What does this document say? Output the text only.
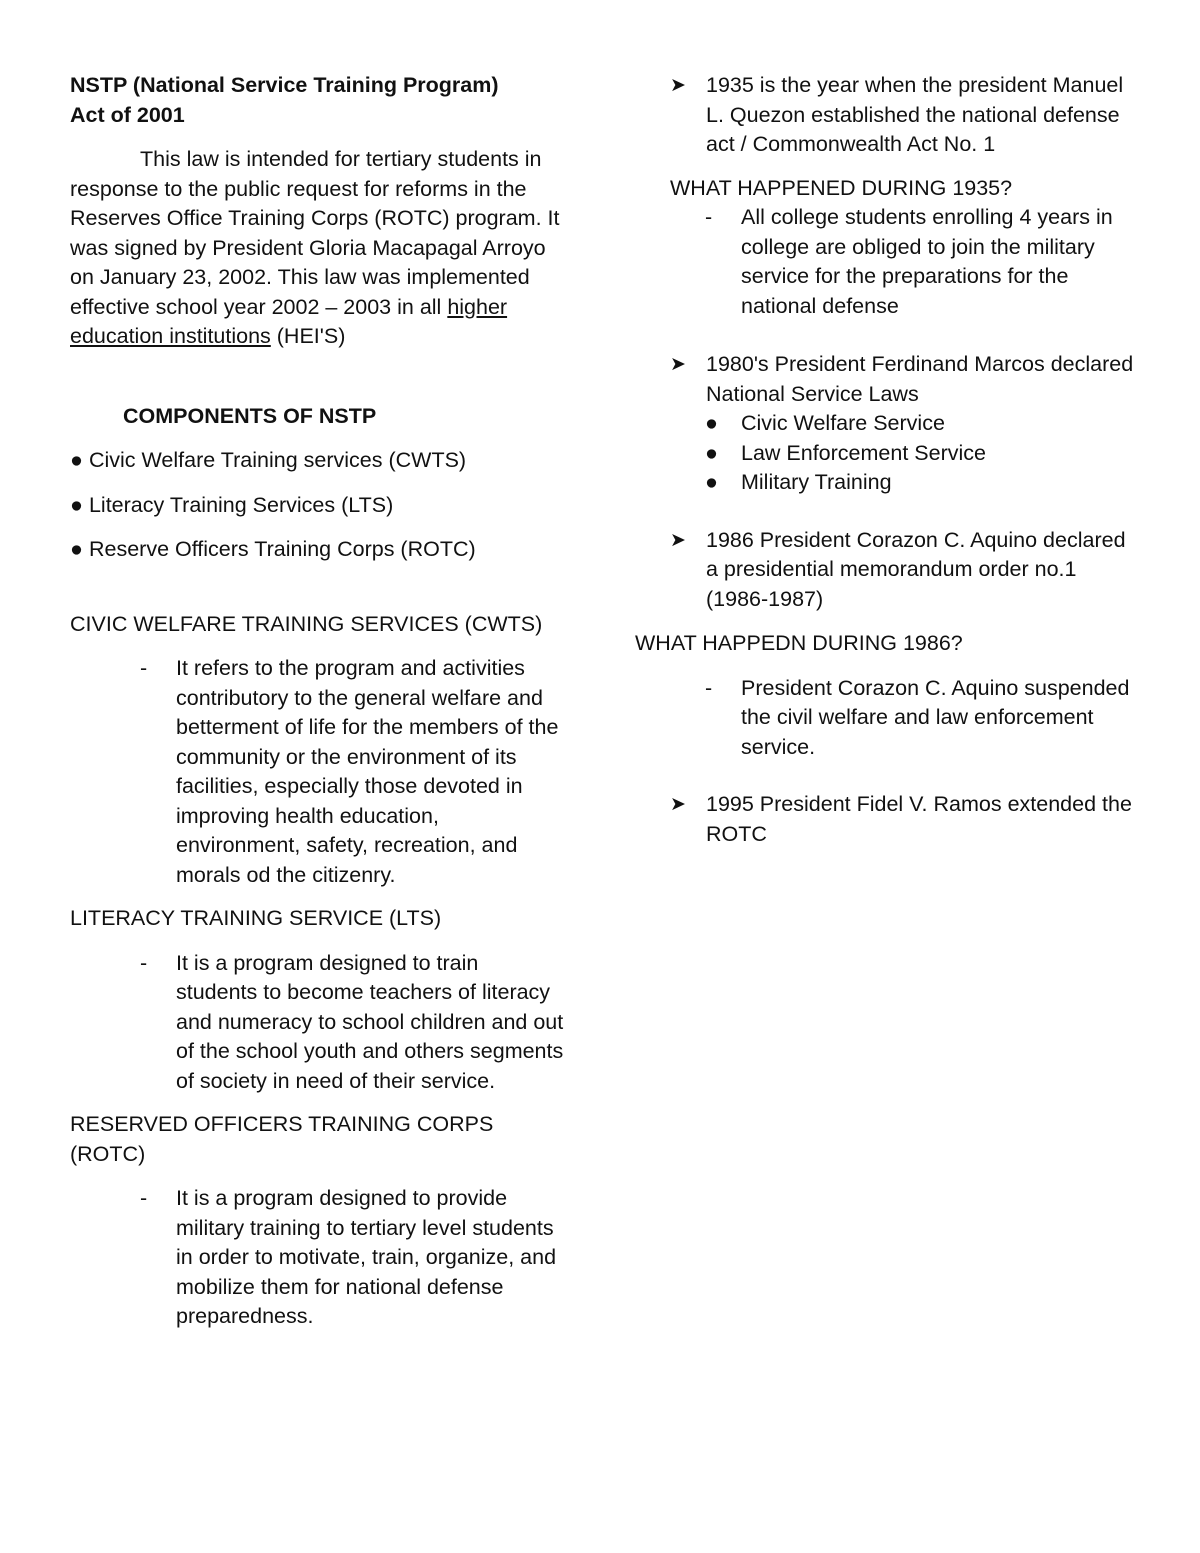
NSTP (National Service Training Program)
Act of 2001

This law is intended for tertiary students in response to the public request for reforms in the Reserves Office Training Corps (ROTC) program. It was signed by President Gloria Macapagal Arroyo on January 23, 2002. This law was implemented effective school year 2002 – 2003 in all higher education institutions (HEI'S)

COMPONENTS OF NSTP

● Civic Welfare Training services (CWTS)

● Literacy Training Services (LTS)

● Reserve Officers Training Corps (ROTC)

CIVIC WELFARE TRAINING SERVICES (CWTS)

- It refers to the program and activities contributory to the general welfare and betterment of life for the members of the community or the environment of its facilities, especially those devoted in improving health education, environment, safety, recreation, and morals od the citizenry.

LITERACY TRAINING SERVICE (LTS)

- It is a program designed to train students to become teachers of literacy and numeracy to school children and out of the school youth and others segments of society in need of their service.

RESERVED OFFICERS TRAINING CORPS (ROTC)

- It is a program designed to provide military training to tertiary level students in order to motivate, train, organize, and mobilize them for national defense preparedness.
➤ 1935 is the year when the president Manuel L. Quezon established the national defense act / Commonwealth Act No. 1

WHAT HAPPENED DURING 1935?

- All college students enrolling 4 years in college are obliged to join the military service for the preparations for the national defense
➤ 1980's President Ferdinand Marcos declared National Service Laws
● Civic Welfare Service
● Law Enforcement Service
● Military Training
➤ 1986 President Corazon C. Aquino declared a presidential memorandum order no.1 (1986-1987)

WHAT HAPPEDN DURING 1986?

- President Corazon C. Aquino suspended the civil welfare and law enforcement service.
➤ 1995 President Fidel V. Ramos extended the ROTC
